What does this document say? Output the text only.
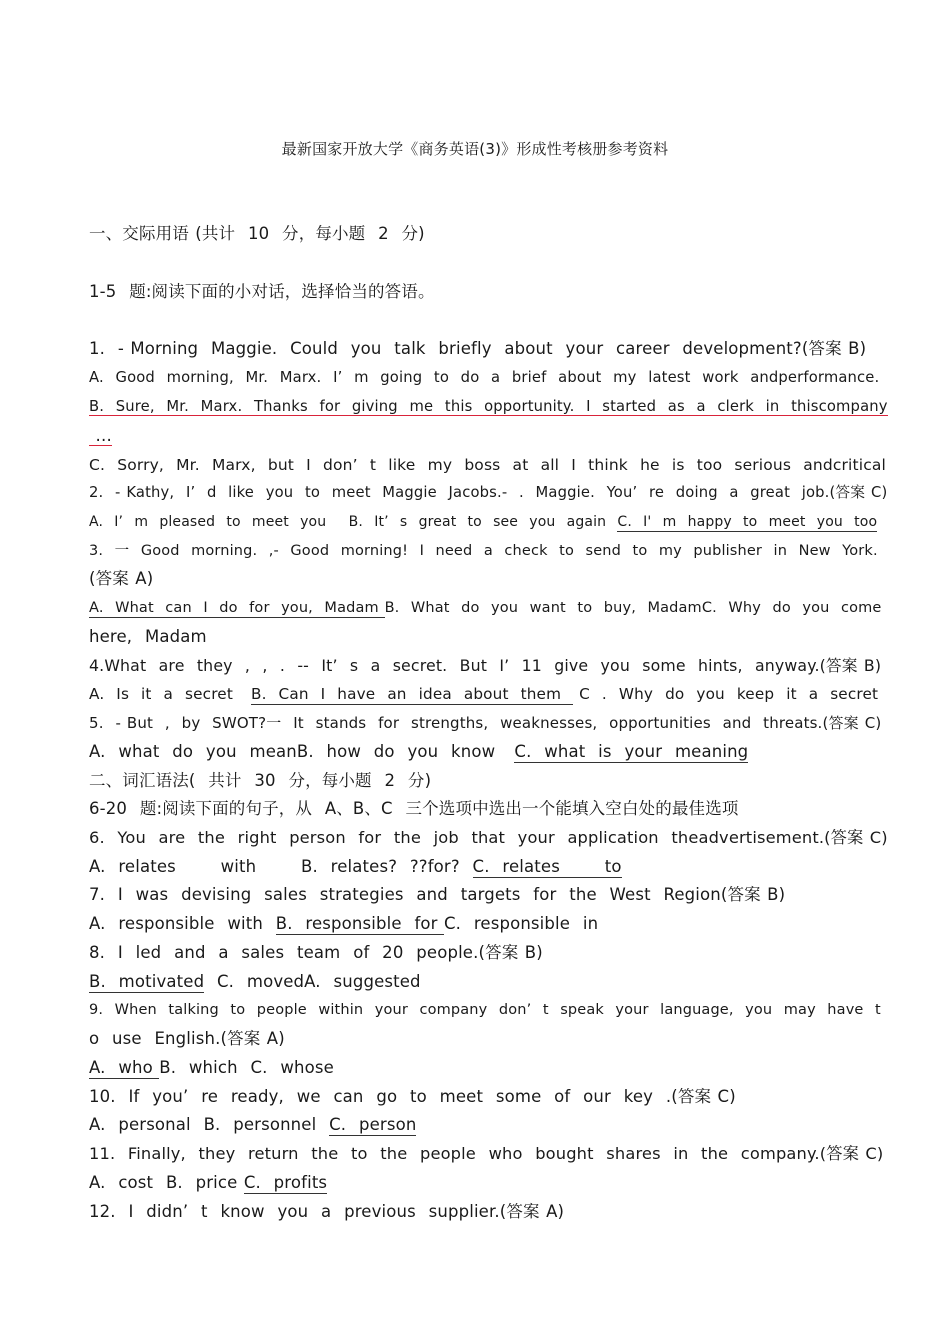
最新国家开放大学《商务英语(3)》形成性考核册参考资料
一、交际用语 (共计  10  分，每小题  2  分)
1-5  题:阅读下面的小对话，选择恰当的答语。
1.  - Morning  Maggie.  Could  you  talk  briefly  about  your  career  development?(答案 B)
A.  Good  morning,  Mr.  Marx.  I’  m  going  to  do  a  brief  about  my  latest  work  andperformance.
B.  Sure,  Mr.  Marx.  Thanks  for  giving  me  this  opportunity.  I  started  as  a  clerk  in  thiscompany
…
C.  Sorry,  Mr.  Marx,  but  I  don’  t  like  my  boss  at  all  I  think  he  is  too  serious  andcritical
2.  - Kathy,  I’  d  like  you  to  meet  Maggie  Jacobs.-  .  Maggie.  You’  re  doing  a  great  job.(答案 C)
A.  I’  m  pleased  to  meet  you    B.  It’  s  great  to  see  you  again  C.  I'  m  happy  to  meet  you  too
3.  一  Good  morning.  ,-  Good  morning!  I  need  a  check  to  send  to  my  publisher  in  New  York.
(答案 A)
A.  What  can  I  do  for  you,  Madam B.  What  do  you  want  to  buy,  MadamC.  Why  do  you  come
here,  Madam
4.What  are  they  ,  ,  .  --  It’  s  a  secret.  But  I’  11  give  you  some  hints,  anyway.(答案 B)
A.  Is  it  a  secret   B.  Can  I  have  an  idea  about  them   C  .  Why  do  you  keep  it  a  secret
5.  - But  ,  by  SWOT?一  It  stands  for  strengths,  weaknesses,  opportunities  and  threats.(答案 C)
A.  what  do  you  meanB.  how  do  you  know   C.  what  is  your  meaning
二、词汇语法(  共计  30  分，每小题  2  分)
6-20  题:阅读下面的句子，从  A、B、C  三个选项中选出一个能填入空白处的最佳选项
6.  You  are  the  right  person  for  the  job  that  your  application  theadvertisement.(答案 C)
A.  relates       with       B.  relates?  ??for?  C.  relates       to
7.  I  was  devising  sales  strategies  and  targets  for  the  West  Region(答案 B)
A.  responsible  with  B.  responsible  for C.  responsible  in
8.  I  led  and  a  sales  team  of  20  people.(答案 B)
B.  motivated  C.  movedA.  suggested
9.  When  talking  to  people  within  your  company  don’  t  speak  your  language,  you  may  have  t
o  use  English.(答案 A)
A.  who B.  which  C.  whose
10.  If  you’  re  ready,  we  can  go  to  meet  some  of  our  key  .(答案 C)
A.  personal  B.  personnel  C.  person
11.  Finally,  they  return  the  to  the  people  who  bought  shares  in  the  company.(答案 C)
A.  cost  B.  price C.  profits
12.  I  didn’  t  know  you  a  previous  supplier.(答案 A)
